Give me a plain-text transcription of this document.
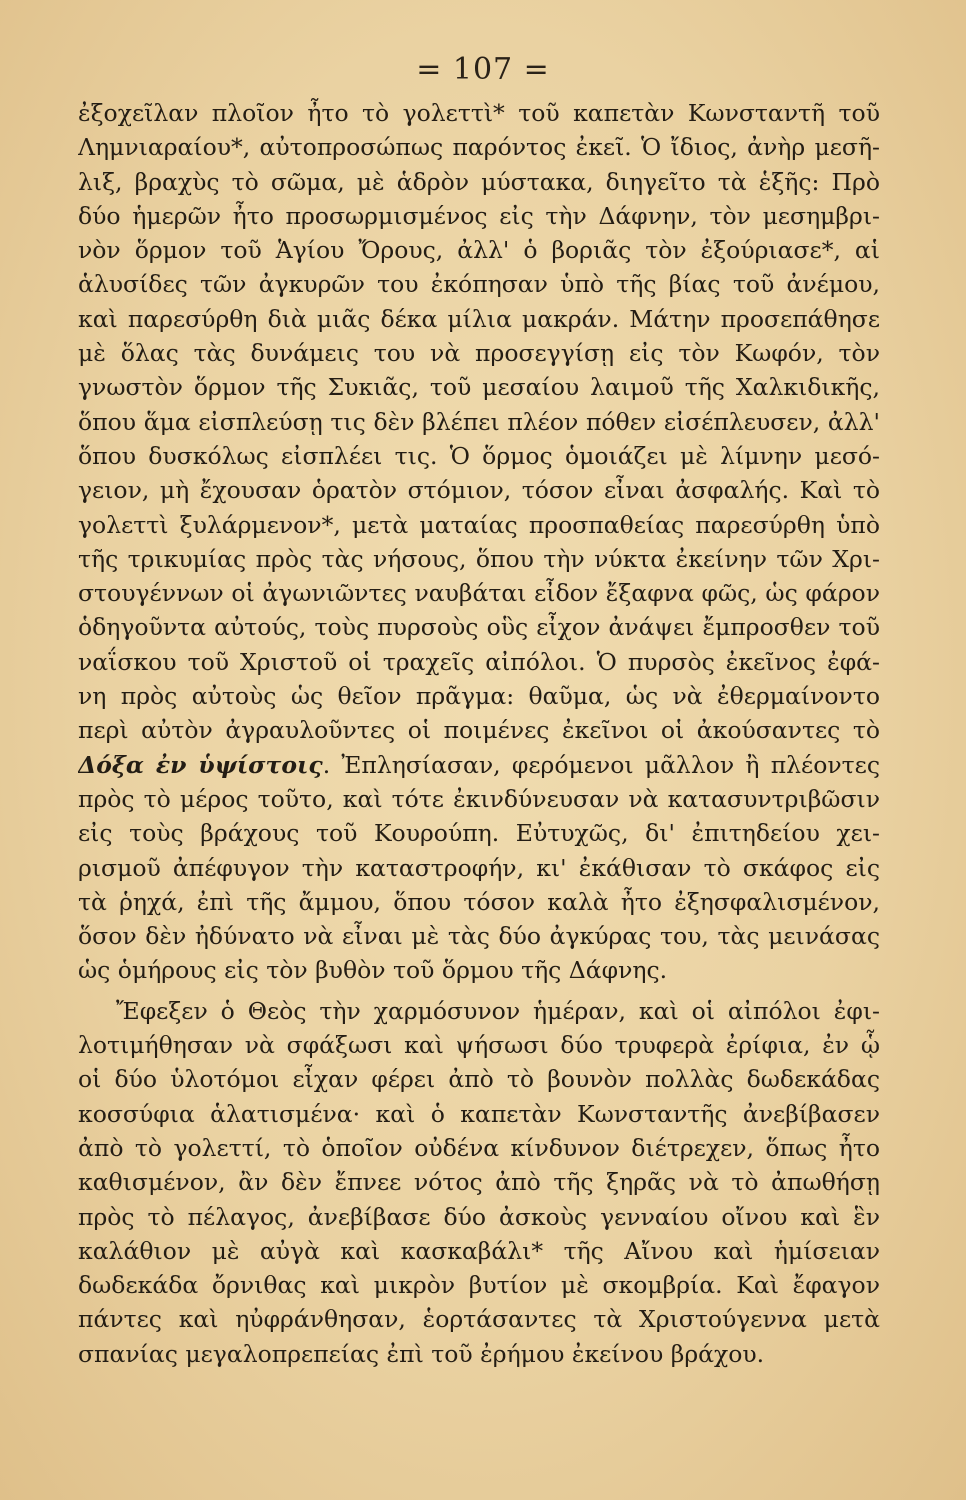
= 107 =
ἐξοχεῖλαν πλοῖον ἦτο τὸ γολεττὶ* τοῦ καπετὰν Κωνσταντῆ τοῦ
Λημνιαραίου*, αὐτοπροσώπως παρόντος ἐκεῖ. Ὁ ἴδιος, ἀνὴρ μεσῆ-
λιξ, βραχὺς τὸ σῶμα, μὲ ἁδρὸν μύστακα, διηγεῖτο τὰ ἑξῆς: Πρὸ
δύο ἡμερῶν ἦτο προσωρμισμένος εἰς τὴν Δάφνην, τὸν μεσημβρι-
νὸν ὅρμον τοῦ Ἁγίου Ὄρους, ἀλλ' ὁ βοριᾶς τὸν ἐξούριασε*, αἱ
ἁλυσίδες τῶν ἀγκυρῶν του ἐκόπησαν ὑπὸ τῆς βίας τοῦ ἀνέμου,
καὶ παρεσύρθη διὰ μιᾶς δέκα μίλια μακράν. Μάτην προσεπάθησε
μὲ ὅλας τὰς δυνάμεις του νὰ προσεγγίσῃ εἰς τὸν Κωφόν, τὸν
γνωστὸν ὅρμον τῆς Συκιᾶς, τοῦ μεσαίου λαιμοῦ τῆς Χαλκιδικῆς,
ὅπου ἅμα εἰσπλεύσῃ τις δὲν βλέπει πλέον πόθεν εἰσέπλευσεν, ἀλλ'
ὅπου δυσκόλως εἰσπλέει τις. Ὁ ὅρμος ὁμοιάζει μὲ λίμνην μεσό-
γειον, μὴ ἔχουσαν ὁρατὸν στόμιον, τόσον εἶναι ἀσφαλής. Καὶ τὸ
γολεττὶ ξυλάρμενον*, μετὰ ματαίας προσπαθείας παρεσύρθη ὑπὸ
τῆς τρικυμίας πρὸς τὰς νήσους, ὅπου τὴν νύκτα ἐκείνην τῶν Χρι-
στουγέννων οἱ ἀγωνιῶντες ναυβάται εἶδον ἔξαφνα φῶς, ὡς φάρον
ὁδηγοῦντα αὐτούς, τοὺς πυρσοὺς οὓς εἶχον ἀνάψει ἔμπροσθεν τοῦ
ναΐσκου τοῦ Χριστοῦ οἱ τραχεῖς αἰπόλοι. Ὁ πυρσὸς ἐκεῖνος ἐφά-
νη πρὸς αὐτοὺς ὡς θεῖον πρᾶγμα: θαῦμα, ὡς νὰ ἐθερμαίνοντο
περὶ αὐτὸν ἀγραυλοῦντες οἱ ποιμένες ἐκεῖνοι οἱ ἀκούσαντες τὸ
Δόξα ἐν ὑψίστοις. Ἐπλησίασαν, φερόμενοι μᾶλλον ἢ πλέοντες
πρὸς τὸ μέρος τοῦτο, καὶ τότε ἐκινδύνευσαν νὰ κατασυντριβῶσιν
εἰς τοὺς βράχους τοῦ Κουρούπη. Εὐτυχῶς, δι' ἐπιτηδείου χει-
ρισμοῦ ἀπέφυγον τὴν καταστροφήν, κι' ἐκάθισαν τὸ σκάφος εἰς
τὰ ῥηχά, ἐπὶ τῆς ἄμμου, ὅπου τόσον καλὰ ἦτο ἐξησφαλισμένον,
ὅσον δὲν ἠδύνατο νὰ εἶναι μὲ τὰς δύο ἀγκύρας του, τὰς μεινάσας
ὡς ὁμήρους εἰς τὸν βυθὸν τοῦ ὅρμου τῆς Δάφνης.
Ἔφεξεν ὁ Θεὸς τὴν χαρμόσυνον ἡμέραν, καὶ οἱ αἰπόλοι ἐφι-
λοτιμήθησαν νὰ σφάξωσι καὶ ψήσωσι δύο τρυφερὰ ἐρίφια, ἐν ᾧ
οἱ δύο ὑλοτόμοι εἶχαν φέρει ἀπὸ τὸ βουνὸν πολλὰς δωδεκάδας
κοσσύφια ἁλατισμένα· καὶ ὁ καπετὰν Κωνσταντῆς ἀνεβίβασεν
ἀπὸ τὸ γολεττί, τὸ ὁποῖον οὐδένα κίνδυνον διέτρεχεν, ὅπως ἦτο
καθισμένον, ἂν δὲν ἔπνεε νότος ἀπὸ τῆς ξηρᾶς νὰ τὸ ἀπωθήσῃ
πρὸς τὸ πέλαγος, ἀνεβίβασε δύο ἀσκοὺς γενναίου οἴνου καὶ ἓν
καλάθιον μὲ αὐγὰ καὶ κασκαβάλι* τῆς Αἴνου καὶ ἡμίσειαν
δωδεκάδα ὄρνιθας καὶ μικρὸν βυτίον μὲ σκομβρία. Καὶ ἔφαγον
πάντες καὶ ηὐφράνθησαν, ἑορτάσαντες τὰ Χριστούγεννα μετὰ
σπανίας μεγαλοπρεπείας ἐπὶ τοῦ ἐρήμου ἐκείνου βράχου.
